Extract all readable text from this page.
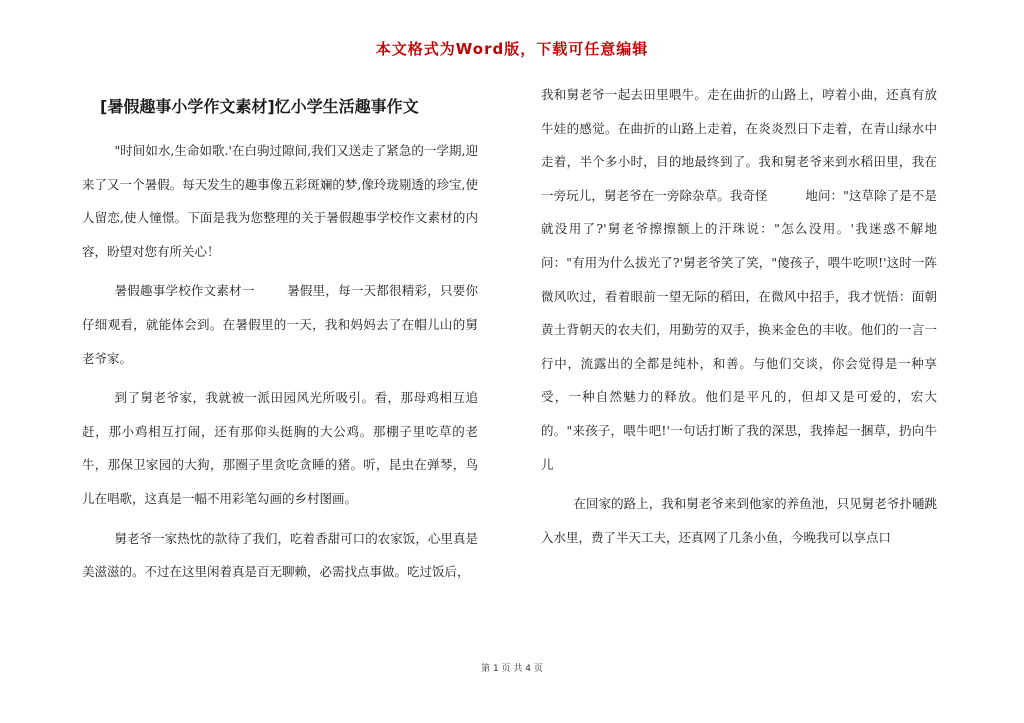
本文格式为Word版，下载可任意编辑
[暑假趣事小学作文素材]忆小学生活趣事作文

"时间如水,生命如歌.'在白驹过隙间,我们又送走了紧急的一学期,迎来了又一个暑假。每天发生的趣事像五彩斑斓的梦,像玲珑剔透的珍宝,使人留恋,使人憧憬。下面是我为您整理的关于暑假趣事学校作文素材的内容，盼望对您有所关心！

暑假趣事学校作文素材一	暑假里，每一天都很精彩，只要你仔细观看，就能体会到。在暑假里的一天，我和妈妈去了在帽儿山的舅老爷家。

到了舅老爷家，我就被一派田园风光所吸引。看，那母鸡相互追赶，那小鸡相互打闹，还有那仰头挺胸的大公鸡。那棚子里吃草的老牛，那保卫家园的大狗，那圈子里贪吃贪睡的猪。听，昆虫在弹琴，鸟儿在唱歌，这真是一幅不用彩笔勾画的乡村图画。

舅老爷一家热忱的款待了我们，吃着香甜可口的农家饭，心里真是美滋滋的。不过在这里闲着真是百无聊赖，必需找点事做。吃过饭后，

我和舅老爷一起去田里喂牛。走在曲折的山路上，哼着小曲，还真有放牛娃的感觉。在曲折的山路上走着，在炎炎烈日下走着，在青山绿水中走着，半个多小时，目的地最终到了。我和舅老爷来到水稻田里，我在一旁玩儿，舅老爷在一旁除杂草。我奇怪　　　地问："这草除了是不是就没用了?'舅老爷擦擦额上的汗珠说："怎么没用。'我迷惑不解地问："有用为什么拔光了?'舅老爷笑了笑，"傻孩子，喂牛吃呗!'这时一阵微风吹过，看着眼前一望无际的稻田，在微风中招手，我才恍悟：面朝黄土背朝天的农夫们，用勤劳的双手，换来金色的丰收。他们的一言一行中，流露出的全都是纯朴，和善。与他们交谈，你会觉得是一种享受，一种自然魅力的释放。他们是平凡的，但却又是可爱的，宏大的。"来孩子，喂牛吧!'一句话打断了我的深思，我捧起一捆草，扔向牛儿

在回家的路上，我和舅老爷来到他家的养鱼池，只见舅老爷扑嗵跳入水里，费了半天工夫，还真网了几条小鱼，今晚我可以享点口

第 1 页 共 4 页
